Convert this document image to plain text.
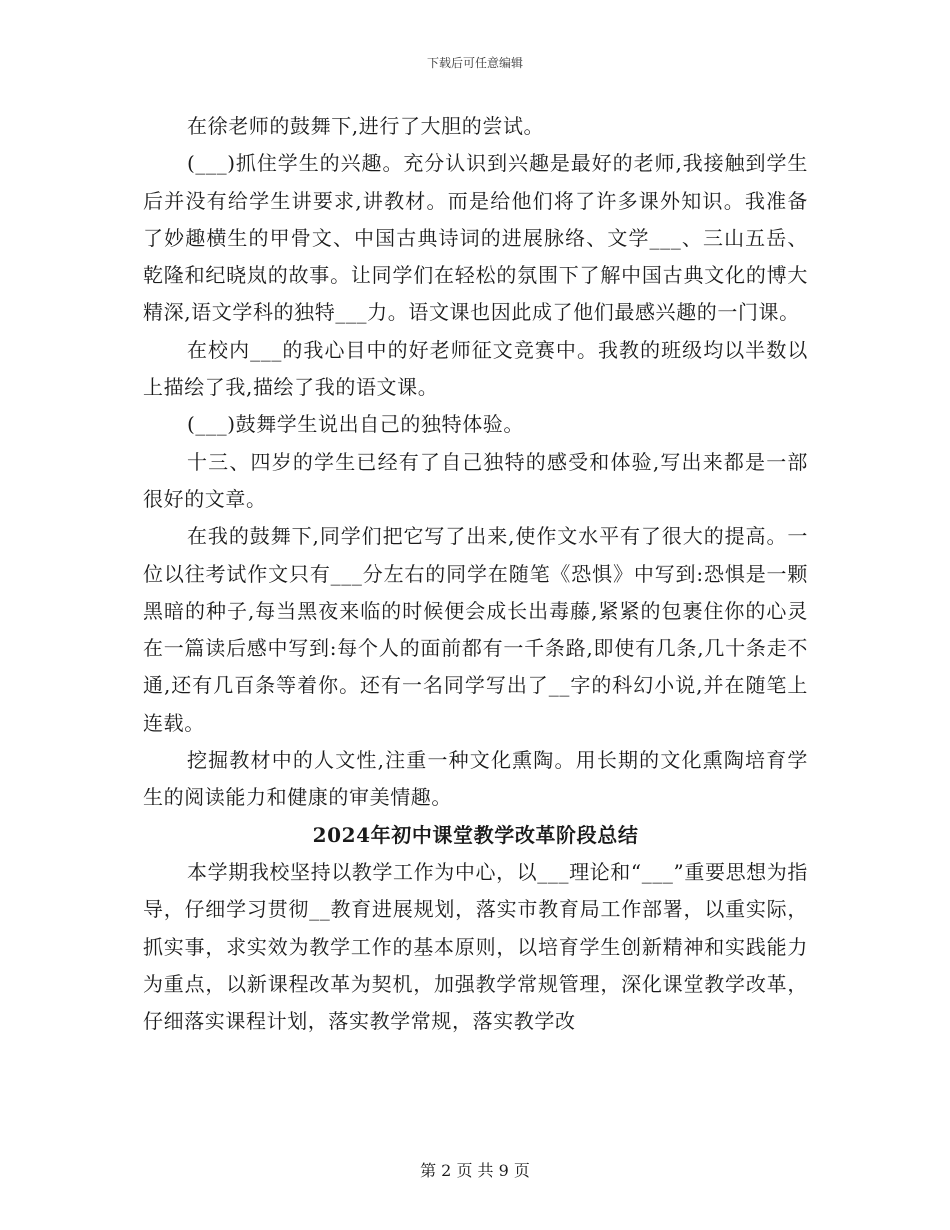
下载后可任意编辑

在徐老师的鼓舞下,进行了大胆的尝试。

(___)抓住学生的兴趣。充分认识到兴趣是最好的老师,我接触到学生后并没有给学生讲要求,讲教材。而是给他们将了许多课外知识。我准备了妙趣横生的甲骨文、中国古典诗词的进展脉络、文学___、三山五岳、乾隆和纪晓岚的故事。让同学们在轻松的氛围下了解中国古典文化的博大精深,语文学科的独特___力。语文课也因此成了他们最感兴趣的一门课。

在校内___的我心目中的好老师征文竞赛中。我教的班级均以半数以上描绘了我,描绘了我的语文课。

(___)鼓舞学生说出自己的独特体验。

十三、四岁的学生已经有了自己独特的感受和体验,写出来都是一部很好的文章。

在我的鼓舞下,同学们把它写了出来,使作文水平有了很大的提高。一位以往考试作文只有___分左右的同学在随笔《恐惧》中写到:恐惧是一颗黑暗的种子,每当黑夜来临的时候便会成长出毒藤,紧紧的包裹住你的心灵在一篇读后感中写到:每个人的面前都有一千条路,即使有几条,几十条走不通,还有几百条等着你。还有一名同学写出了__字的科幻小说,并在随笔上连载。

挖掘教材中的人文性,注重一种文化熏陶。用长期的文化熏陶培育学生的阅读能力和健康的审美情趣。

2024年初中课堂教学改革阶段总结

本学期我校坚持以教学工作为中心，以___理论和“___”重要思想为指导，仔细学习贯彻__教育进展规划，落实市教育局工作部署，以重实际，抓实事，求实效为教学工作的基本原则，以培育学生创新精神和实践能力为重点，以新课程改革为契机，加强教学常规管理，深化课堂教学改革，仔细落实课程计划，落实教学常规，落实教学改

第 2 页 共 9 页
